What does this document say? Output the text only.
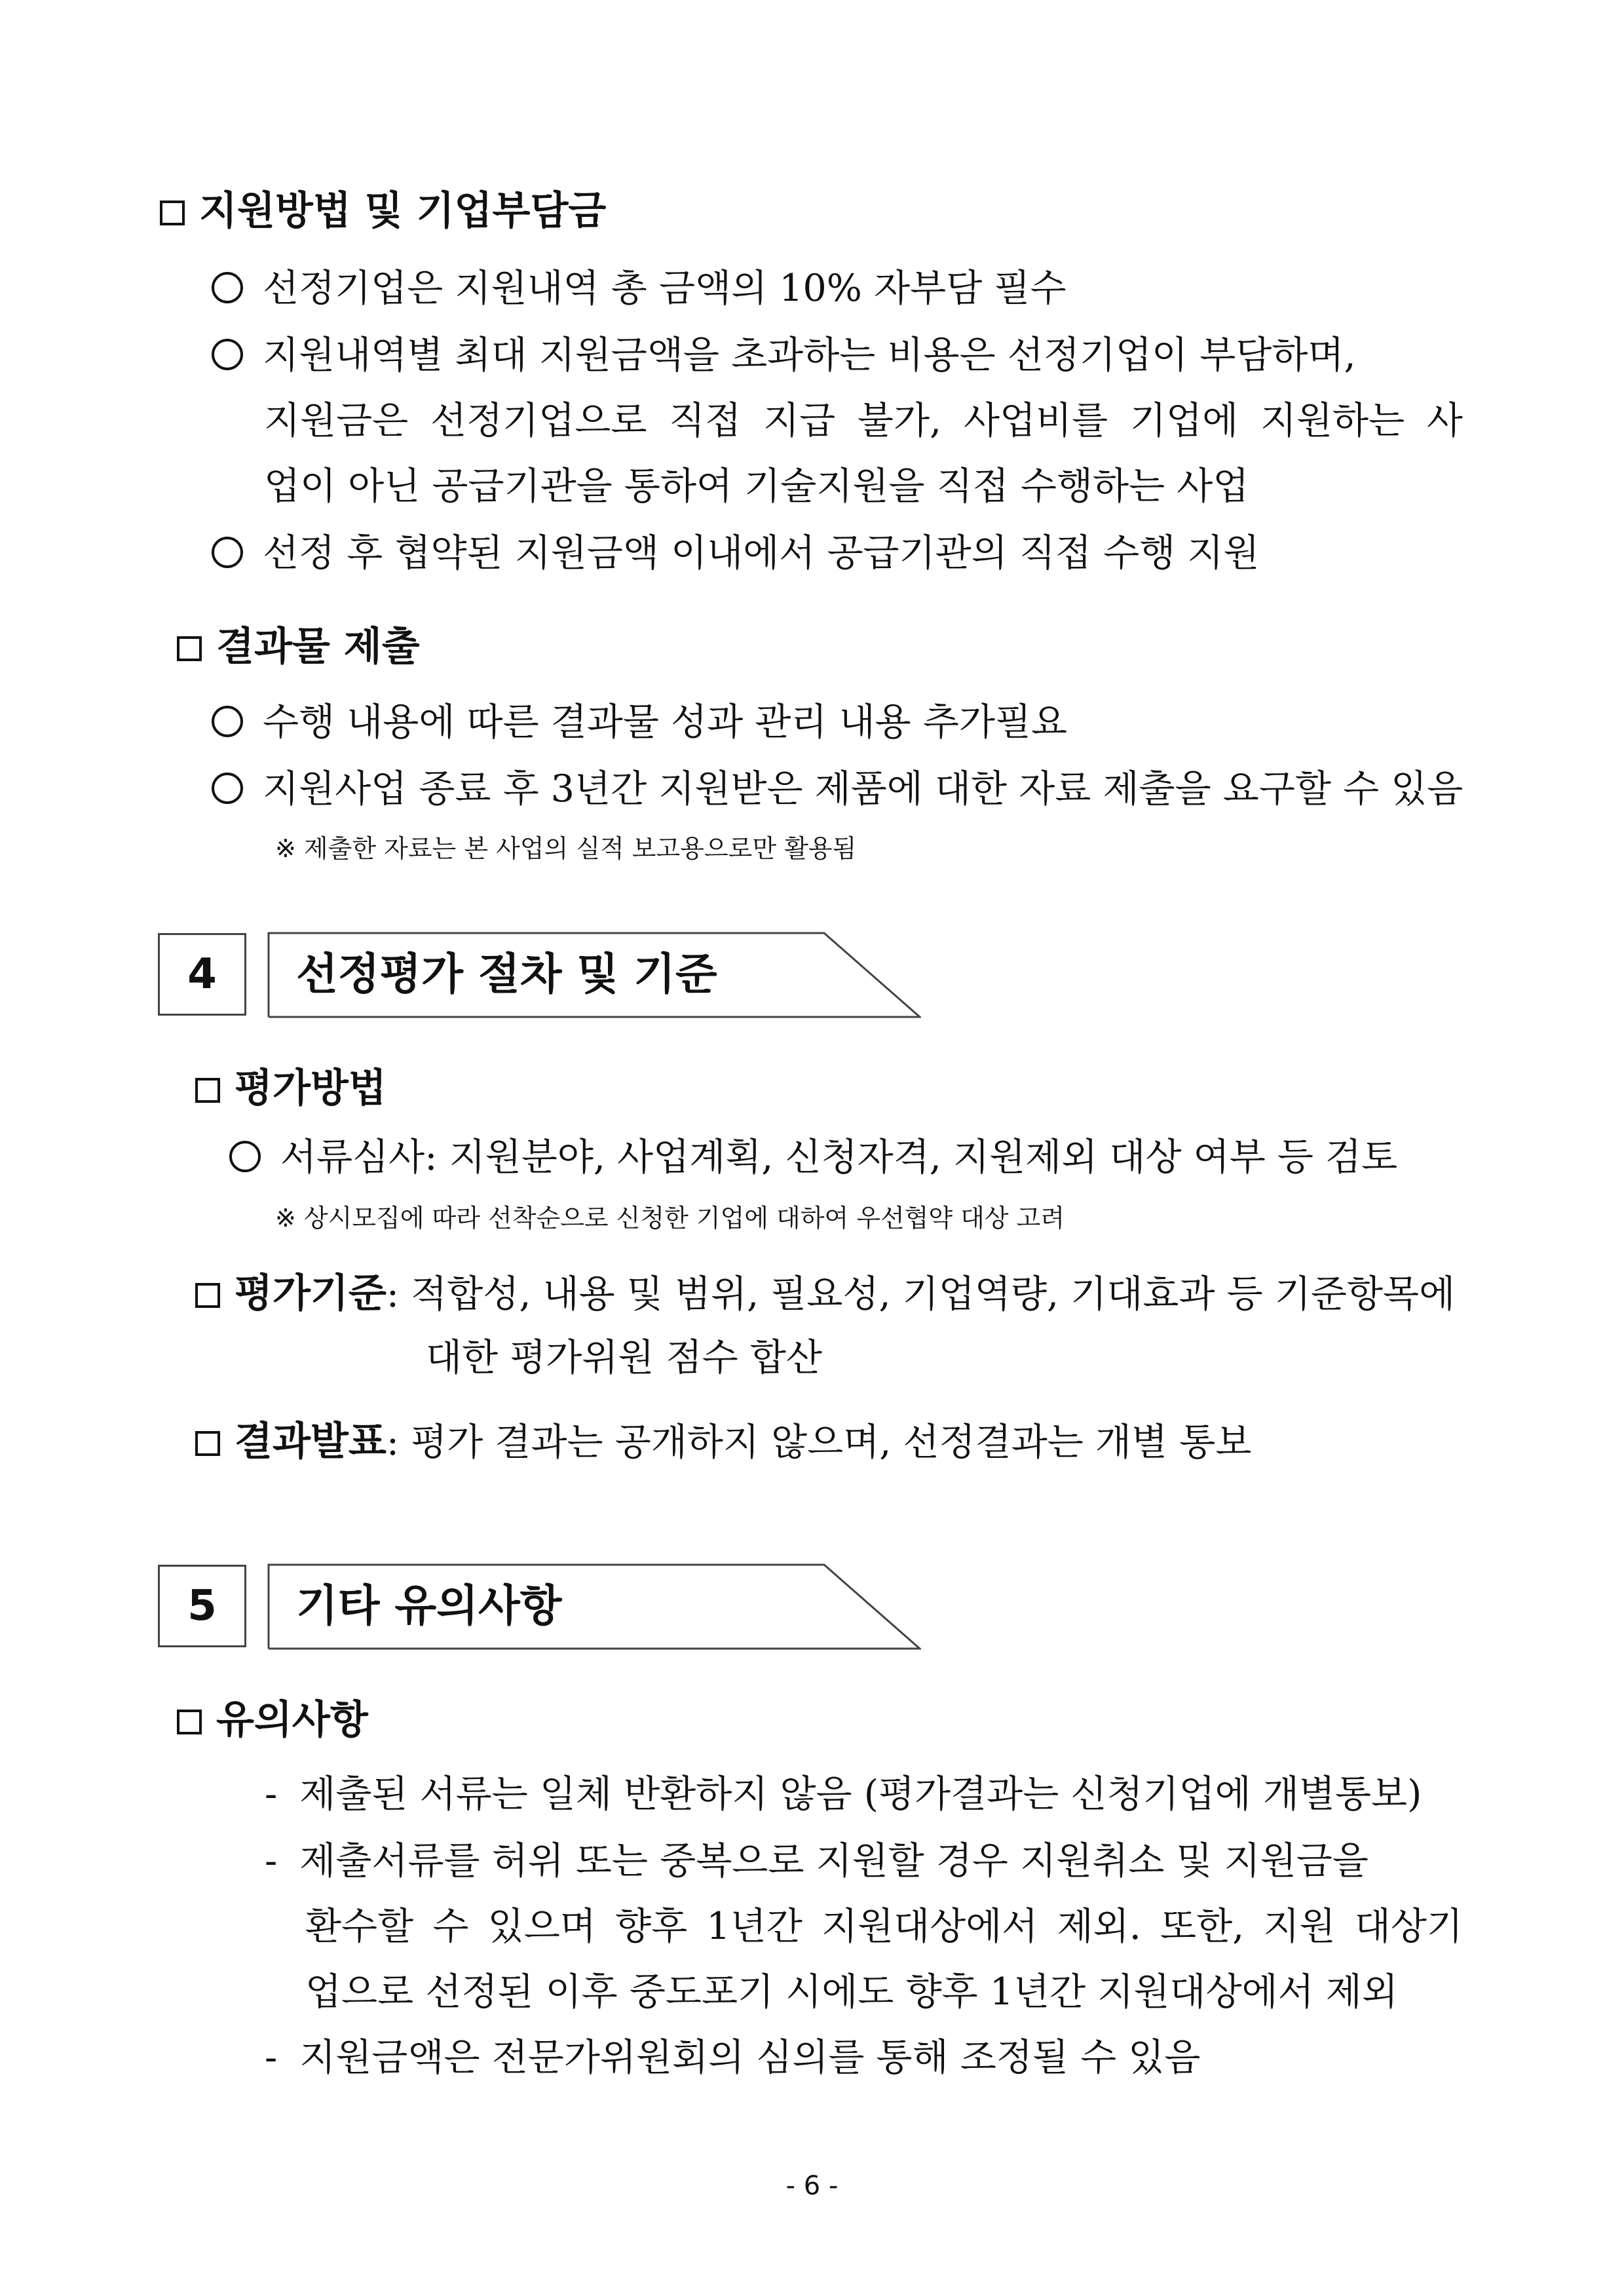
지원방법 및 기업부담금
선정기업은 지원내역 총 금액의 10% 자부담 필수
지원내역별 최대 지원금액을 초과하는 비용은 선정기업이 부담하며,
지원금은 선정기업으로 직접 지급 불가, 사업비를 기업에 지원하는 사
업이 아닌 공급기관을 통하여 기술지원을 직접 수행하는 사업
선정 후 협약된 지원금액 이내에서 공급기관의 직접 수행 지원
결과물 제출
수행 내용에 따른 결과물 성과 관리 내용 추가필요
지원사업 종료 후 3년간 지원받은 제품에 대한 자료 제출을 요구할 수 있음
※ 제출한 자료는 본 사업의 실적 보고용으로만 활용됨
4	선정평가 절차 및 기준
평가방법
서류심사: 지원분야, 사업계획, 신청자격, 지원제외 대상 여부 등 검토
※ 상시모집에 따라 선착순으로 신청한 기업에 대하여 우선협약 대상 고려
평가기준: 적합성, 내용 및 범위, 필요성, 기업역량, 기대효과 등 기준항목에
대한 평가위원 점수 합산
결과발표: 평가 결과는 공개하지 않으며, 선정결과는 개별 통보
5	기타 유의사항
유의사항
- 제출된 서류는 일체 반환하지 않음 (평가결과는 신청기업에 개별통보)
- 제출서류를 허위 또는 중복으로 지원할 경우 지원취소 및 지원금을
환수할 수 있으며 향후 1년간 지원대상에서 제외. 또한, 지원 대상기
업으로 선정된 이후 중도포기 시에도 향후 1년간 지원대상에서 제외
- 지원금액은 전문가위원회의 심의를 통해 조정될 수 있음
- 6 -
